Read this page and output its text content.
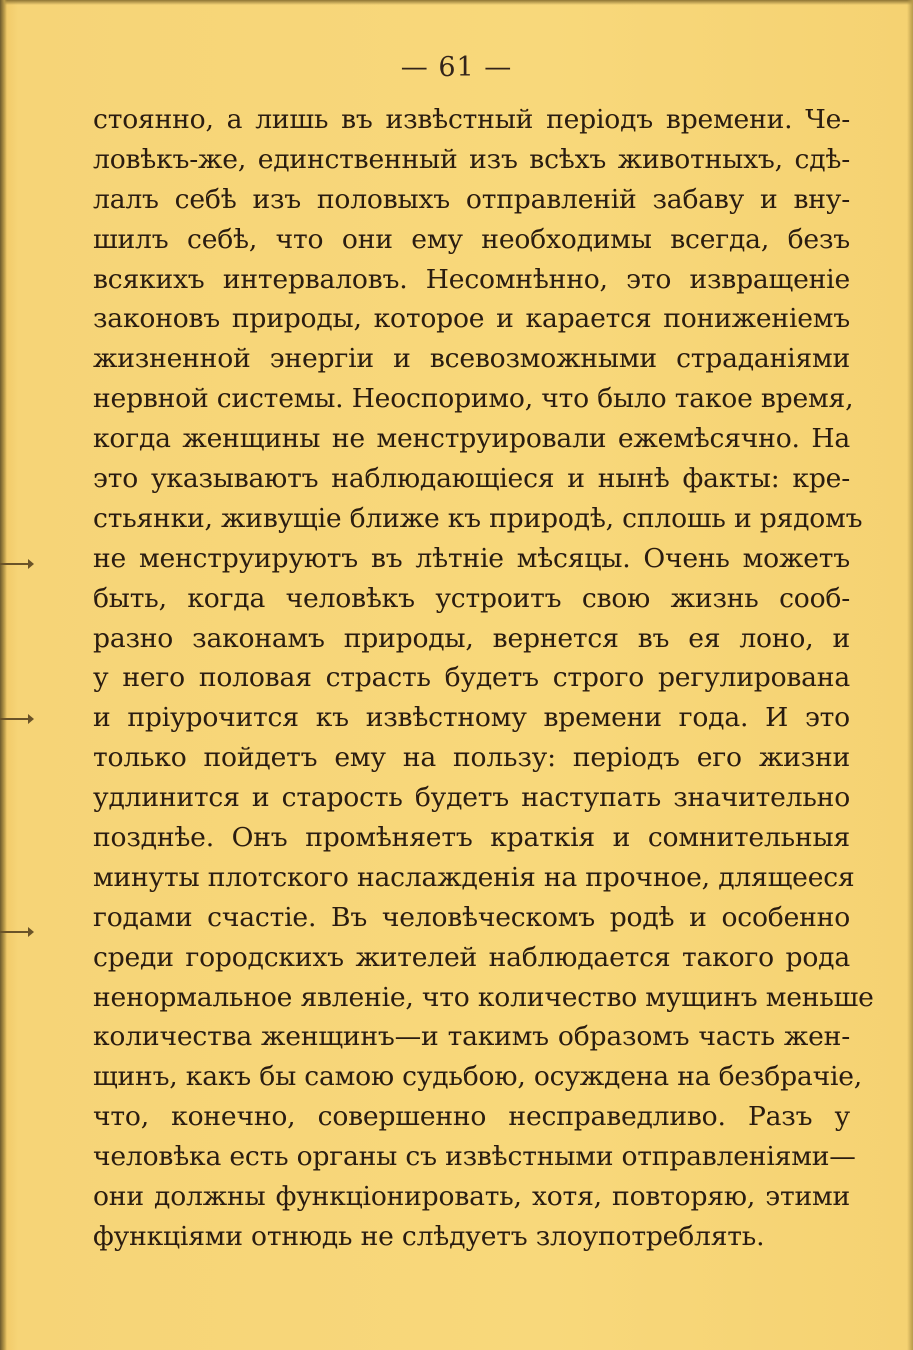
— 61 —
стоянно, а лишь въ извѣстный періодъ времени. Че-
ловѣкъ-же, единственный изъ всѣхъ животныхъ, сдѣ-
лалъ себѣ изъ половыхъ отправленій забаву и вну-
шилъ себѣ, что они ему необходимы всегда, безъ
всякихъ интерваловъ. Несомнѣнно, это извращеніе
законовъ природы, которое и карается пониженіемъ
жизненной энергіи и всевозможными страданіями
нервной системы. Неоспоримо, что было такое время,
когда женщины не менструировали ежемѣсячно. На
это указываютъ наблюдающіеся и нынѣ факты: кре-
стьянки, живущіе ближе къ природѣ, сплошь и рядомъ
не менструируютъ въ лѣтніе мѣсяцы. Очень можетъ
быть, когда человѣкъ устроитъ свою жизнь сооб-
разно законамъ природы, вернется въ ея лоно, и
у него половая страсть будетъ строго регулирована
и пріурочится къ извѣстному времени года. И это
только пойдетъ ему на пользу: періодъ его жизни
удлинится и старость будетъ наступать значительно
позднѣе. Онъ промѣняетъ краткія и сомнительныя
минуты плотского наслажденія на прочное, длящееся
годами счастіе. Въ человѣческомъ родѣ и особенно
среди городскихъ жителей наблюдается такого рода
ненормальное явленіе, что количество мущинъ меньше
количества женщинъ—и такимъ образомъ часть жен-
щинъ, какъ бы самою судьбою, осуждена на безбрачіе,
что, конечно, совершенно несправедливо. Разъ у
человѣка есть органы съ извѣстными отправленіями—
они должны функціонировать, хотя, повторяю, этими
функціями отнюдь не слѣдуетъ злоупотреблять.
